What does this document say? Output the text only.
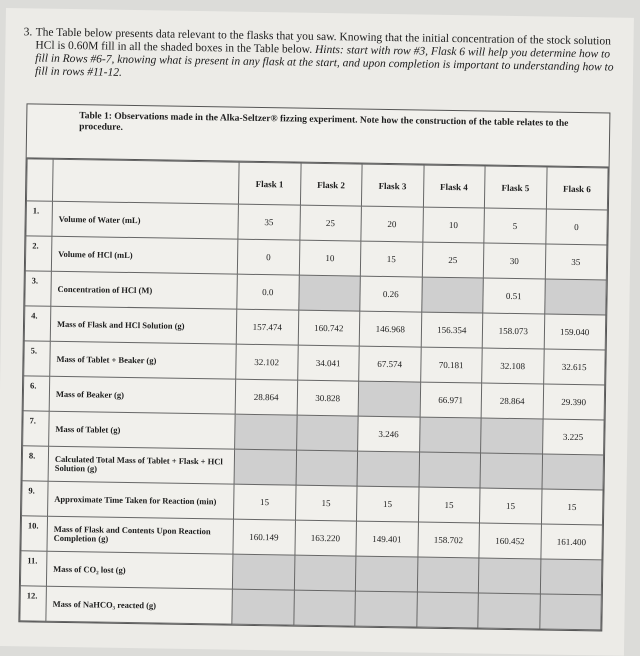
3. The Table below presents data relevant to the flasks that you saw. Knowing that the initial concentration of the stock solution HCl is 0.60M fill in all the shaded boxes in the Table below. Hints: start with row #3, Flask 6 will help you determine how to fill in Rows #6-7, knowing what is present in any flask at the start, and upon completion is important to understanding how to fill in rows #11-12.
Table 1: Observations made in the Alka-Seltzer® fizzing experiment. Note how the construction of the table relates to the procedure.
		Flask 1	Flask 2	Flask 3	Flask 4	Flask 5	Flask 6
1.	Volume of Water (mL)	35	25	20	10	5	0
2.	Volume of HCl (mL)	0	10	15	25	30	35
3.	Concentration of HCl (M)	0.0		0.26		0.51	
4.	Mass of Flask and HCl Solution (g)	157.474	160.742	146.968	156.354	158.073	159.040
5.	Mass of Tablet + Beaker (g)	32.102	34.041	67.574	70.181	32.108	32.615
6.	Mass of Beaker (g)	28.864	30.828		66.971	28.864	29.390
7.	Mass of Tablet (g)			3.246			3.225
8.	Calculated Total Mass of Tablet + Flask + HCl Solution (g)						
9.	Approximate Time Taken for Reaction (min)	15	15	15	15	15	15
10.	Mass of Flask and Contents Upon Reaction Completion (g)	160.149	163.220	149.401	158.702	160.452	161.400
11.	Mass of CO₂ lost (g)						
12.	Mass of NaHCO₃ reacted (g)						
